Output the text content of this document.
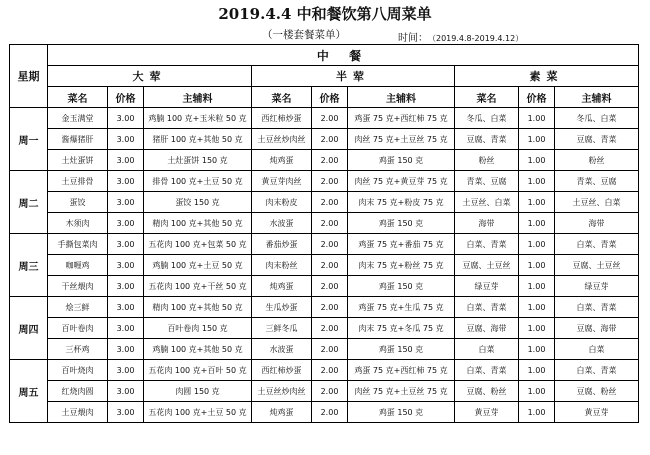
2019.4.4 中和餐饮第八周菜单
（一楼套餐菜单）	时间： （2019.4.8-2019.4.12）
星期	中 餐								
	大荤			半荤			素菜		
	菜名	价格	主辅料	菜名	价格	主辅料	菜名	价格	主辅料
周一	金玉满堂	3.00	鸡腩 100 克+玉米粒 50 克	西红柿炒蛋	2.00	鸡蛋 75 克+西红柿 75 克	冬瓜、白菜	1.00	冬瓜、白菜
	酱爆猪肝	3.00	猪肝 100 克+其他 50 克	土豆丝炒肉丝	2.00	肉丝 75 克+土豆丝 75 克	豆腐、青菜	1.00	豆腐、青菜
	土灶蛋饼	3.00	土灶蛋饼 150 克	炖鸡蛋	2.00	鸡蛋 150 克	粉丝	1.00	粉丝
周二	土豆排骨	3.00	排骨 100 克+土豆 50 克	黄豆芽肉丝	2.00	肉丝 75 克+黄豆芽 75 克	青菜、豆腐	1.00	青菜、豆腐
	蛋饺	3.00	蛋饺 150 克	肉末粉皮	2.00	肉末 75 克+粉皮 75 克	土豆丝、白菜	1.00	土豆丝、白菜
	木须肉	3.00	精肉 100 克+其他 50 克	水波蛋	2.00	鸡蛋 150 克	海带	1.00	海带
周三	手撕包菜肉	3.00	五花肉 100 克+包菜 50 克	番茄炒蛋	2.00	鸡蛋 75 克+番茄 75 克	白菜、青菜	1.00	白菜、青菜
	咖喱鸡	3.00	鸡腩 100 克+土豆 50 克	肉末粉丝	2.00	肉末 75 克+粉丝 75 克	豆腐、土豆丝	1.00	豆腐、土豆丝
	干丝煨肉	3.00	五花肉 100 克+干丝 50 克	炖鸡蛋	2.00	鸡蛋 150 克	绿豆芽	1.00	绿豆芽
周四	烩三鲜	3.00	精肉 100 克+其他 50 克	生瓜炒蛋	2.00	鸡蛋 75 克+生瓜 75 克	白菜、青菜	1.00	白菜、青菜
	百叶卷肉	3.00	百叶卷肉 150 克	三鲜冬瓜	2.00	肉末 75 克+冬瓜 75 克	豆腐、海带	1.00	豆腐、海带
	三杯鸡	3.00	鸡腩 100 克+其他 50 克	水波蛋	2.00	鸡蛋 150 克	白菜	1.00	白菜
周五	百叶烧肉	3.00	五花肉 100 克+百叶 50 克	西红柿炒蛋	2.00	鸡蛋 75 克+西红柿 75 克	白菜、青菜	1.00	白菜、青菜
	红烧肉圆	3.00	肉圆 150 克	土豆丝炒肉丝	2.00	肉丝 75 克+土豆丝 75 克	豆腐、粉丝	1.00	豆腐、粉丝
	土豆煨肉	3.00	五花肉 100 克+土豆 50 克	炖鸡蛋	2.00	鸡蛋 150 克	黄豆芽	1.00	黄豆芽
